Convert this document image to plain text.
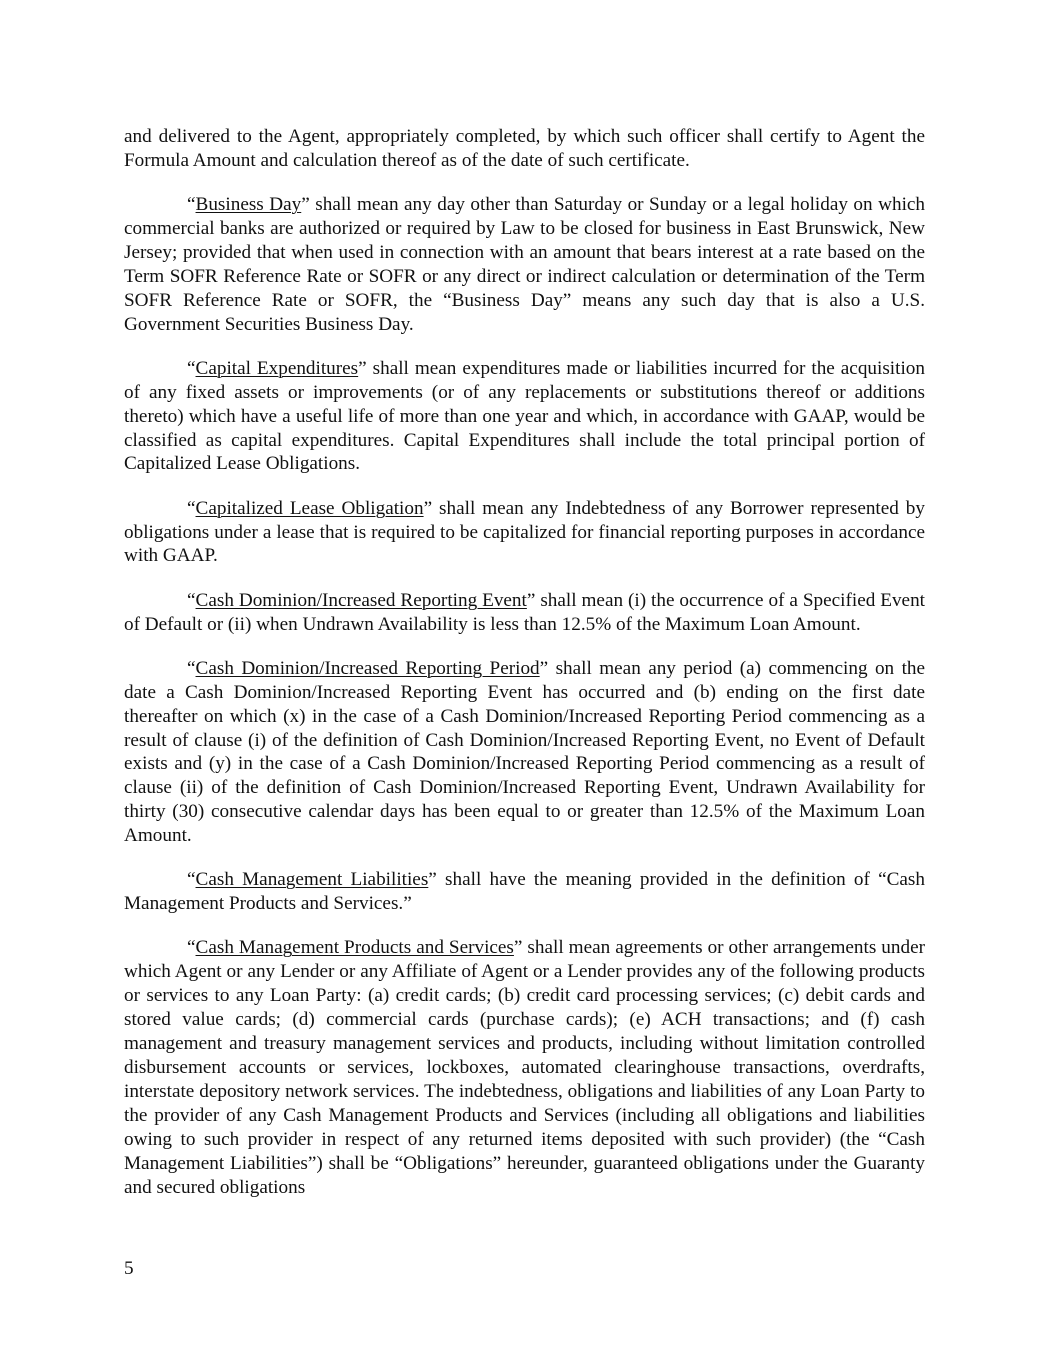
and delivered to the Agent, appropriately completed, by which such officer shall certify to Agent the Formula Amount and calculation thereof as of the date of such certificate.

“Business Day” shall mean any day other than Saturday or Sunday or a legal holiday on which commercial banks are authorized or required by Law to be closed for business in East Brunswick, New Jersey; provided that when used in connection with an amount that bears interest at a rate based on the Term SOFR Reference Rate or SOFR or any direct or indirect calculation or determination of the Term SOFR Reference Rate or SOFR, the “Business Day” means any such day that is also a U.S. Government Securities Business Day.

“Capital Expenditures” shall mean expenditures made or liabilities incurred for the acquisition of any fixed assets or improvements (or of any replacements or substitutions thereof or additions thereto) which have a useful life of more than one year and which, in accordance with GAAP, would be classified as capital expenditures. Capital Expenditures shall include the total principal portion of Capitalized Lease Obligations.

“Capitalized Lease Obligation” shall mean any Indebtedness of any Borrower represented by obligations under a lease that is required to be capitalized for financial reporting purposes in accordance with GAAP.

“Cash Dominion/Increased Reporting Event” shall mean (i) the occurrence of a Specified Event of Default or (ii) when Undrawn Availability is less than 12.5% of the Maximum Loan Amount.

“Cash Dominion/Increased Reporting Period” shall mean any period (a) commencing on the date a Cash Dominion/Increased Reporting Event has occurred and (b) ending on the first date thereafter on which (x) in the case of a Cash Dominion/Increased Reporting Period commencing as a result of clause (i) of the definition of Cash Dominion/Increased Reporting Event, no Event of Default exists and (y) in the case of a Cash Dominion/Increased Reporting Period commencing as a result of clause (ii) of the definition of Cash Dominion/Increased Reporting Event, Undrawn Availability for thirty (30) consecutive calendar days has been equal to or greater than 12.5% of the Maximum Loan Amount.

“Cash Management Liabilities” shall have the meaning provided in the definition of “Cash Management Products and Services.”

“Cash Management Products and Services” shall mean agreements or other arrangements under which Agent or any Lender or any Affiliate of Agent or a Lender provides any of the following products or services to any Loan Party: (a) credit cards; (b) credit card processing services; (c) debit cards and stored value cards; (d) commercial cards (purchase cards); (e) ACH transactions; and (f) cash management and treasury management services and products, including without limitation controlled disbursement accounts or services, lockboxes, automated clearinghouse transactions, overdrafts, interstate depository network services. The indebtedness, obligations and liabilities of any Loan Party to the provider of any Cash Management Products and Services (including all obligations and liabilities owing to such provider in respect of any returned items deposited with such provider) (the “Cash Management Liabilities”) shall be “Obligations” hereunder, guaranteed obligations under the Guaranty and secured obligations

5
